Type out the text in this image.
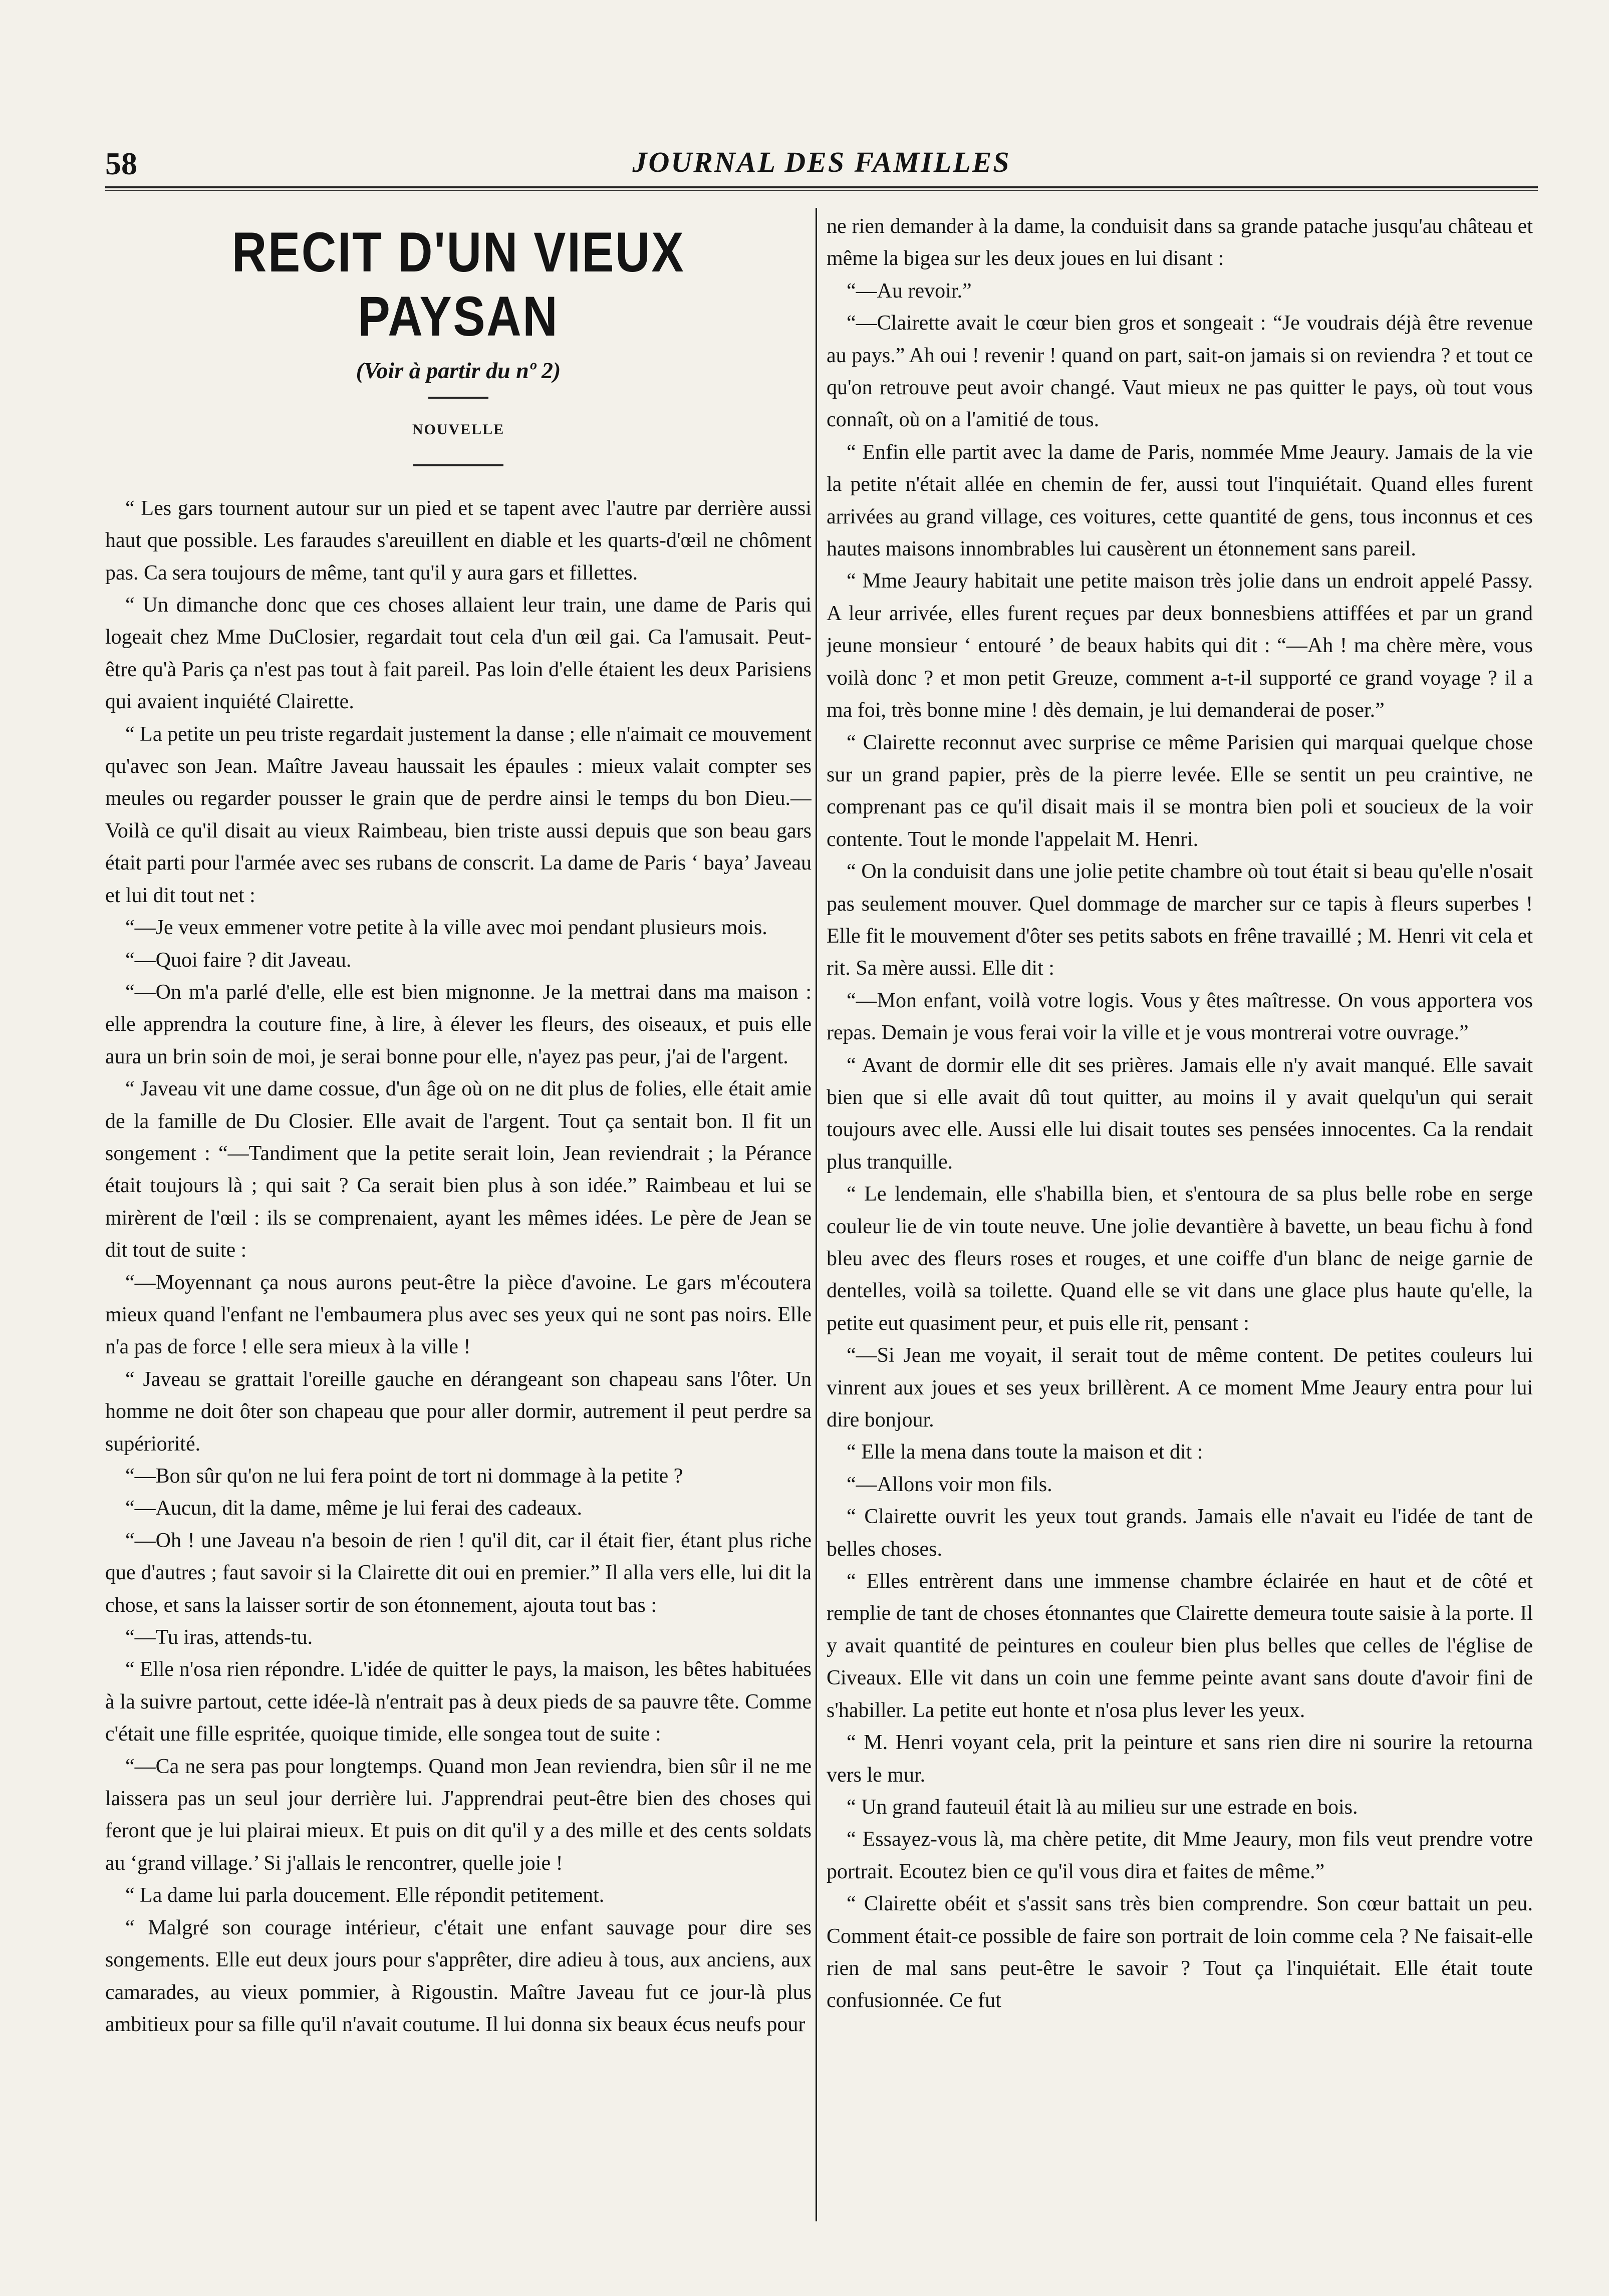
58	JOURNAL DES FAMILLES
RECIT D'UN VIEUX PAYSAN
(Voir à partir du nº 2)
NOUVELLE

“ Les gars tournent autour sur un pied et se tapent avec l'autre par derrière aussi haut que possible. Les faraudes s'areuillent en diable et les quarts-d'œil ne chôment pas. Ca sera toujours de même, tant qu'il y aura gars et fillettes.

“ Un dimanche donc que ces choses allaient leur train, une dame de Paris qui logeait chez Mme DuClosier, regardait tout cela d'un œil gai. Ca l'amusait. Peut-être qu'à Paris ça n'est pas tout à fait pareil. Pas loin d'elle étaient les deux Parisiens qui avaient inquiété Clairette.

“ La petite un peu triste regardait justement la danse ; elle n'aimait ce mouvement qu'avec son Jean. Maître Javeau haussait les épaules : mieux valait compter ses meules ou regarder pousser le grain que de perdre ainsi le temps du bon Dieu.—Voilà ce qu'il disait au vieux Raimbeau, bien triste aussi depuis que son beau gars était parti pour l'armée avec ses rubans de conscrit. La dame de Paris ‘ baya’ Javeau et lui dit tout net :

“—Je veux emmener votre petite à la ville avec moi pendant plusieurs mois.

“—Quoi faire ? dit Javeau.

“—On m'a parlé d'elle, elle est bien mignonne. Je la mettrai dans ma maison : elle apprendra la couture fine, à lire, à élever les fleurs, des oiseaux, et puis elle aura un brin soin de moi, je serai bonne pour elle, n'ayez pas peur, j'ai de l'argent.

“ Javeau vit une dame cossue, d'un âge où on ne dit plus de folies, elle était amie de la famille de Du Closier. Elle avait de l'argent. Tout ça sentait bon. Il fit un songement : “—Tandiment que la petite serait loin, Jean reviendrait ; la Pérance était toujours là ; qui sait ? Ca serait bien plus à son idée.” Raimbeau et lui se mirèrent de l'œil : ils se comprenaient, ayant les mêmes idées. Le père de Jean se dit tout de suite :

“—Moyennant ça nous aurons peut-être la pièce d'avoine. Le gars m'écoutera mieux quand l'enfant ne l'embaumera plus avec ses yeux qui ne sont pas noirs. Elle n'a pas de force ! elle sera mieux à la ville !

“ Javeau se grattait l'oreille gauche en dérangeant son chapeau sans l'ôter. Un homme ne doit ôter son chapeau que pour aller dormir, autrement il peut perdre sa supériorité.

“—Bon sûr qu'on ne lui fera point de tort ni dommage à la petite ?

“—Aucun, dit la dame, même je lui ferai des cadeaux.

“—Oh ! une Javeau n'a besoin de rien ! qu'il dit, car il était fier, étant plus riche que d'autres ; faut savoir si la Clairette dit oui en premier.” Il alla vers elle, lui dit la chose, et sans la laisser sortir de son étonnement, ajouta tout bas :

“—Tu iras, attends-tu.

“ Elle n'osa rien répondre. L'idée de quitter le pays, la maison, les bêtes habituées à la suivre partout, cette idée-là n'entrait pas à deux pieds de sa pauvre tête. Comme c'était une fille espritée, quoique timide, elle songea tout de suite :

“—Ca ne sera pas pour longtemps. Quand mon Jean reviendra, bien sûr il ne me laissera pas un seul jour derrière lui. J'apprendrai peut-être bien des choses qui feront que je lui plairai mieux. Et puis on dit qu'il y a des mille et des cents soldats au ‘grand village.’ Si j'allais le rencontrer, quelle joie !

“ La dame lui parla doucement. Elle répondit petitement.

“ Malgré son courage intérieur, c'était une enfant sauvage pour dire ses songements. Elle eut deux jours pour s'apprêter, dire adieu à tous, aux anciens, aux camarades, au vieux pommier, à Rigoustin. Maître Javeau fut ce jour-là plus ambitieux pour sa fille qu'il n'avait coutume. Il lui donna six beaux écus neufs pour

ne rien demander à la dame, la conduisit dans sa grande patache jusqu'au château et même la bigea sur les deux joues en lui disant :

“—Au revoir.”

“—Clairette avait le cœur bien gros et songeait : “Je voudrais déjà être revenue au pays.” Ah oui ! revenir ! quand on part, sait-on jamais si on reviendra ? et tout ce qu'on retrouve peut avoir changé. Vaut mieux ne pas quitter le pays, où tout vous connaît, où on a l'amitié de tous.

“ Enfin elle partit avec la dame de Paris, nommée Mme Jeaury. Jamais de la vie la petite n'était allée en chemin de fer, aussi tout l'inquiétait. Quand elles furent arrivées au grand village, ces voitures, cette quantité de gens, tous inconnus et ces hautes maisons innombrables lui causèrent un étonnement sans pareil.

“ Mme Jeaury habitait une petite maison très jolie dans un endroit appelé Passy. A leur arrivée, elles furent reçues par deux bonnesbiens attiffées et par un grand jeune monsieur ‘ entouré ’ de beaux habits qui dit : “—Ah ! ma chère mère, vous voilà donc ? et mon petit Greuze, comment a-t-il supporté ce grand voyage ? il a ma foi, très bonne mine ! dès demain, je lui demanderai de poser.”

“ Clairette reconnut avec surprise ce même Parisien qui marquai quelque chose sur un grand papier, près de la pierre levée. Elle se sentit un peu craintive, ne comprenant pas ce qu'il disait mais il se montra bien poli et soucieux de la voir contente. Tout le monde l'appelait M. Henri.

“ On la conduisit dans une jolie petite chambre où tout était si beau qu'elle n'osait pas seulement mouver. Quel dommage de marcher sur ce tapis à fleurs superbes ! Elle fit le mouvement d'ôter ses petits sabots en frêne travaillé ; M. Henri vit cela et rit. Sa mère aussi. Elle dit :

“—Mon enfant, voilà votre logis. Vous y êtes maîtresse. On vous apportera vos repas. Demain je vous ferai voir la ville et je vous montrerai votre ouvrage.”

“ Avant de dormir elle dit ses prières. Jamais elle n'y avait manqué. Elle savait bien que si elle avait dû tout quitter, au moins il y avait quelqu'un qui serait toujours avec elle. Aussi elle lui disait toutes ses pensées innocentes. Ca la rendait plus tranquille.

“ Le lendemain, elle s'habilla bien, et s'entoura de sa plus belle robe en serge couleur lie de vin toute neuve. Une jolie devantière à bavette, un beau fichu à fond bleu avec des fleurs roses et rouges, et une coiffe d'un blanc de neige garnie de dentelles, voilà sa toilette. Quand elle se vit dans une glace plus haute qu'elle, la petite eut quasiment peur, et puis elle rit, pensant :

“—Si Jean me voyait, il serait tout de même content. De petites couleurs lui vinrent aux joues et ses yeux brillèrent. A ce moment Mme Jeaury entra pour lui dire bonjour.

“ Elle la mena dans toute la maison et dit :

“—Allons voir mon fils.

“ Clairette ouvrit les yeux tout grands. Jamais elle n'avait eu l'idée de tant de belles choses.

“ Elles entrèrent dans une immense chambre éclairée en haut et de côté et remplie de tant de choses étonnantes que Clairette demeura toute saisie à la porte. Il y avait quantité de peintures en couleur bien plus belles que celles de l'église de Civeaux. Elle vit dans un coin une femme peinte avant sans doute d'avoir fini de s'habiller. La petite eut honte et n'osa plus lever les yeux.

“ M. Henri voyant cela, prit la peinture et sans rien dire ni sourire la retourna vers le mur.

“ Un grand fauteuil était là au milieu sur une estrade en bois.

“ Essayez-vous là, ma chère petite, dit Mme Jeaury, mon fils veut prendre votre portrait. Ecoutez bien ce qu'il vous dira et faites de même.”

“ Clairette obéit et s'assit sans très bien comprendre. Son cœur battait un peu. Comment était-ce possible de faire son portrait de loin comme cela ? Ne faisait-elle rien de mal sans peut-être le savoir ? Tout ça l'inquiétait. Elle était toute confusionnée. Ce fut
